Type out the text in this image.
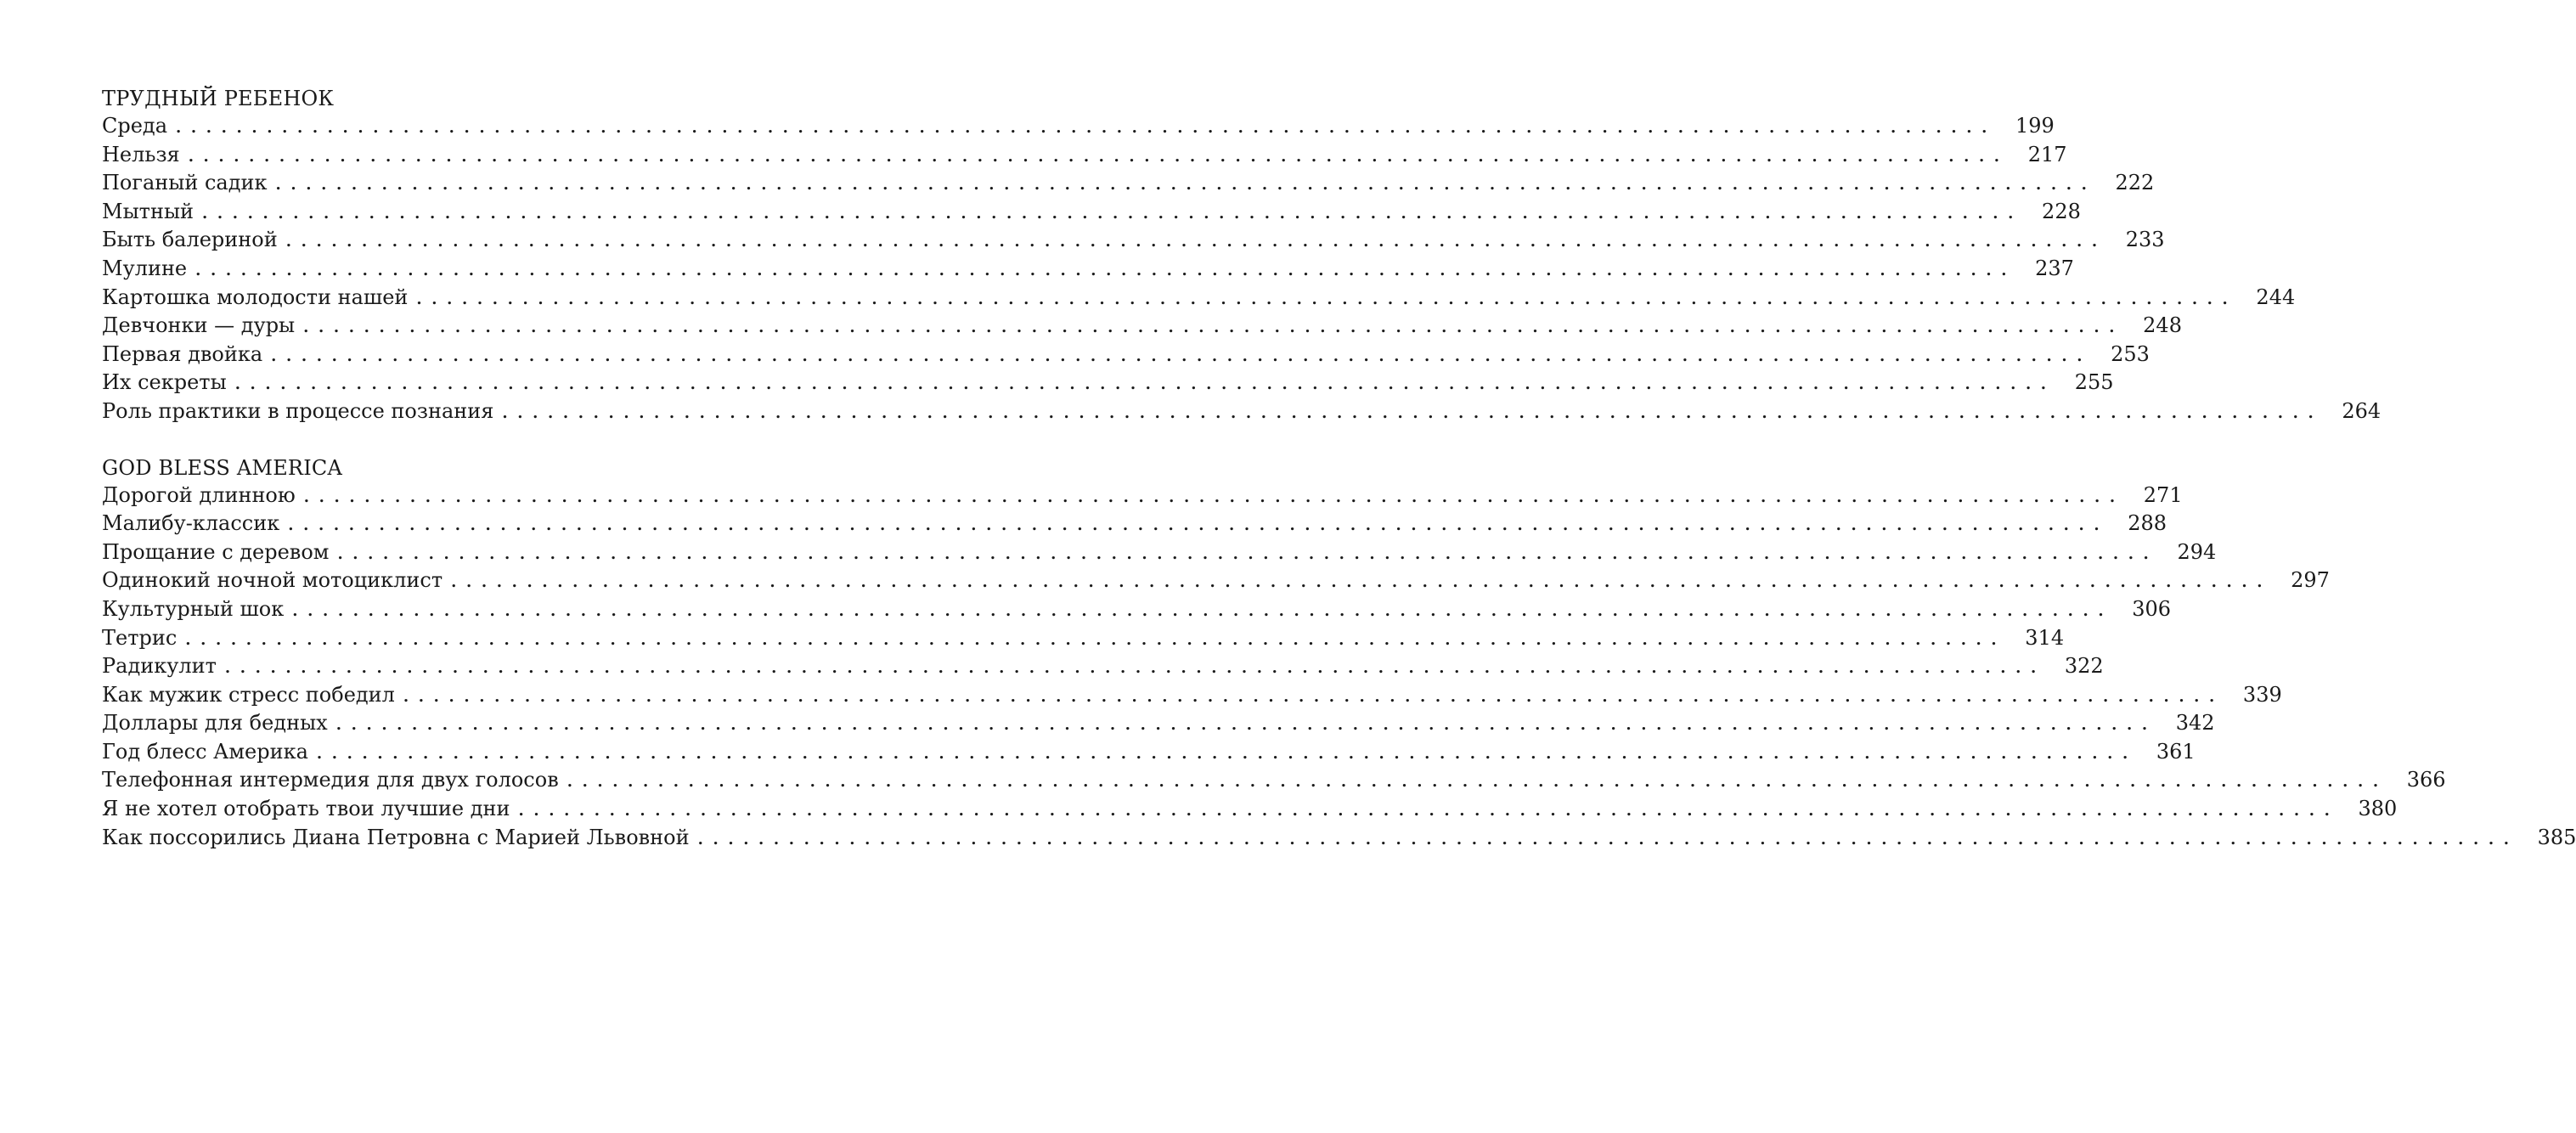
ТРУДНЫЙ РЕБЕНОК
Среда ........................................................................................................................ 199
Нельзя ........................................................................................................................ 217
Поганый садик ........................................................................................................................ 222
Мытный ........................................................................................................................ 228
Быть балериной ........................................................................................................................ 233
Мулине ........................................................................................................................ 237
Картошка молодости нашей ........................................................................................................................ 244
Девчонки — дуры ........................................................................................................................ 248
Первая двойка ........................................................................................................................ 253
Их секреты ........................................................................................................................ 255
Роль практики в процессе познания ........................................................................................................................ 264
GOD BLESS AMERICA
Дорогой длинною ........................................................................................................................ 271
Малибу-классик ........................................................................................................................ 288
Прощание с деревом ........................................................................................................................ 294
Одинокий ночной мотоциклист ........................................................................................................................ 297
Культурный шок ........................................................................................................................ 306
Тетрис ........................................................................................................................ 314
Радикулит ........................................................................................................................ 322
Как мужик стресс победил ........................................................................................................................ 339
Доллары для бедных ........................................................................................................................ 342
Год блесс Америка ........................................................................................................................ 361
Телефонная интермедия для двух голосов ........................................................................................................................ 366
Я не хотел отобрать твои лучшие дни ........................................................................................................................ 380
Как поссорились Диана Петровна с Марией Львовной ........................................................................................................................ 385
